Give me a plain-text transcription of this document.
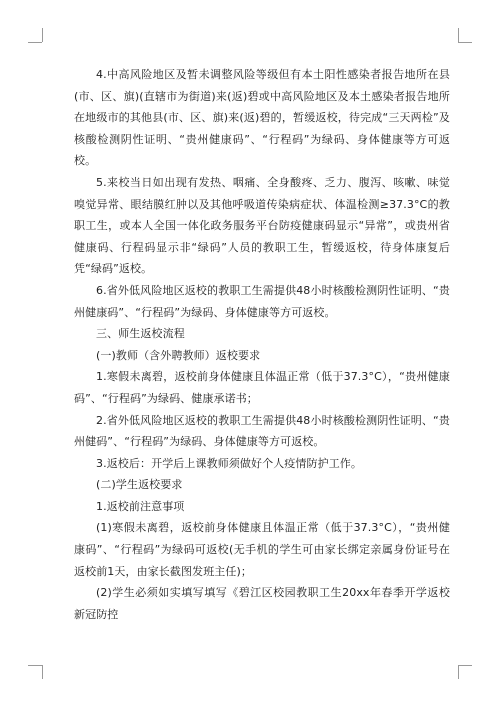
4.中高风险地区及暂未调整风险等级但有本土阳性感染者报告地所在县(市、区、旗)(直辖市为街道)来(返)碧或中高风险地区及本土感染者报告地所在地级市的其他县(市、区、旗)来(返)碧的，暂缓返校，待完成“三天两检”及核酸检测阴性证明、“贵州健康码”、“行程码”为绿码、身体健康等方可返校。

5.来校当日如出现有发热、咽痛、全身酸疼、乏力、腹泻、咳嗽、味觉嗅觉异常、眼结膜红肿以及其他呼吸道传染病症状、体温检测≥37.3°C的教职工生，或本人全国一体化政务服务平台防疫健康码显示“异常”，或贵州省健康码、行程码显示非“绿码”人员的教职工生，暂缓返校，待身体康复后凭“绿码”返校。

6.省外低风险地区返校的教职工生需提供48小时核酸检测阴性证明、“贵州健康码”、“行程码”为绿码、身体健康等方可返校。

三、师生返校流程

(一)教师（含外聘教师）返校要求

1.寒假未离碧，返校前身体健康且体温正常（低于37.3°C），“贵州健康码”、“行程码”为绿码、健康承诺书；

2.省外低风险地区返校的教职工生需提供48小时核酸检测阴性证明、“贵州健码”、“行程码”为绿码、身体健康等方可返校。

3.返校后：开学后上课教师须做好个人疫情防护工作。

(二)学生返校要求

1.返校前注意事项

(1)寒假未离碧，返校前身体健康且体温正常（低于37.3°C），“贵州健康码”、“行程码”为绿码可返校(无手机的学生可由家长绑定亲属身份证号在返校前1天，由家长截图发班主任)；

(2)学生必须如实填写填写《碧江区校园教职工生20xx年春季开学返校新冠防控
